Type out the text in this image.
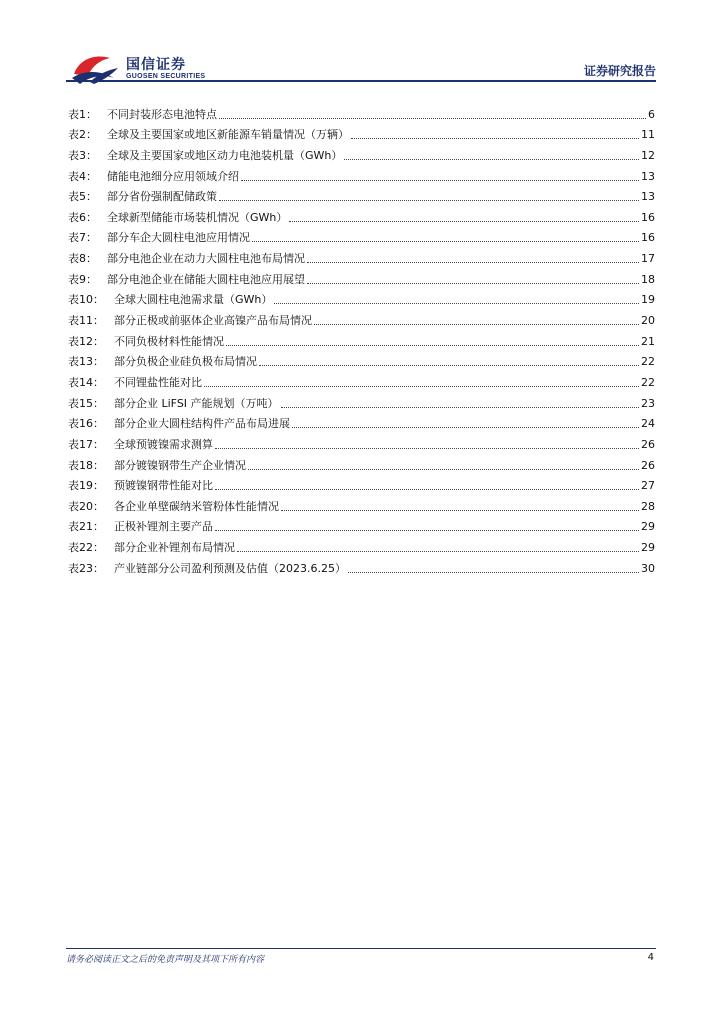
国信证券
GUOSEN SECURITIES	证券研究报告
表1： 不同封装形态电池特点	6
表2： 全球及主要国家或地区新能源车销量情况（万辆）	11
表3： 全球及主要国家或地区动力电池装机量（GWh）	12
表4： 储能电池细分应用领域介绍	13
表5： 部分省份强制配储政策	13
表6： 全球新型储能市场装机情况（GWh）	16
表7： 部分车企大圆柱电池应用情况	16
表8： 部分电池企业在动力大圆柱电池布局情况	17
表9： 部分电池企业在储能大圆柱电池应用展望	18
表10： 全球大圆柱电池需求量（GWh）	19
表11： 部分正极或前驱体企业高镍产品布局情况	20
表12： 不同负极材料性能情况	21
表13： 部分负极企业硅负极布局情况	22
表14： 不同锂盐性能对比	22
表15： 部分企业 LiFSI 产能规划（万吨）	23
表16： 部分企业大圆柱结构件产品布局进展	24
表17： 全球预镀镍需求测算	26
表18： 部分镀镍钢带生产企业情况	26
表19： 预镀镍钢带性能对比	27
表20： 各企业单壁碳纳米管粉体性能情况	28
表21： 正极补锂剂主要产品	29
表22： 部分企业补锂剂布局情况	29
表23： 产业链部分公司盈利预测及估值（2023.6.25）	30
请务必阅读正文之后的免责声明及其项下所有内容	4
